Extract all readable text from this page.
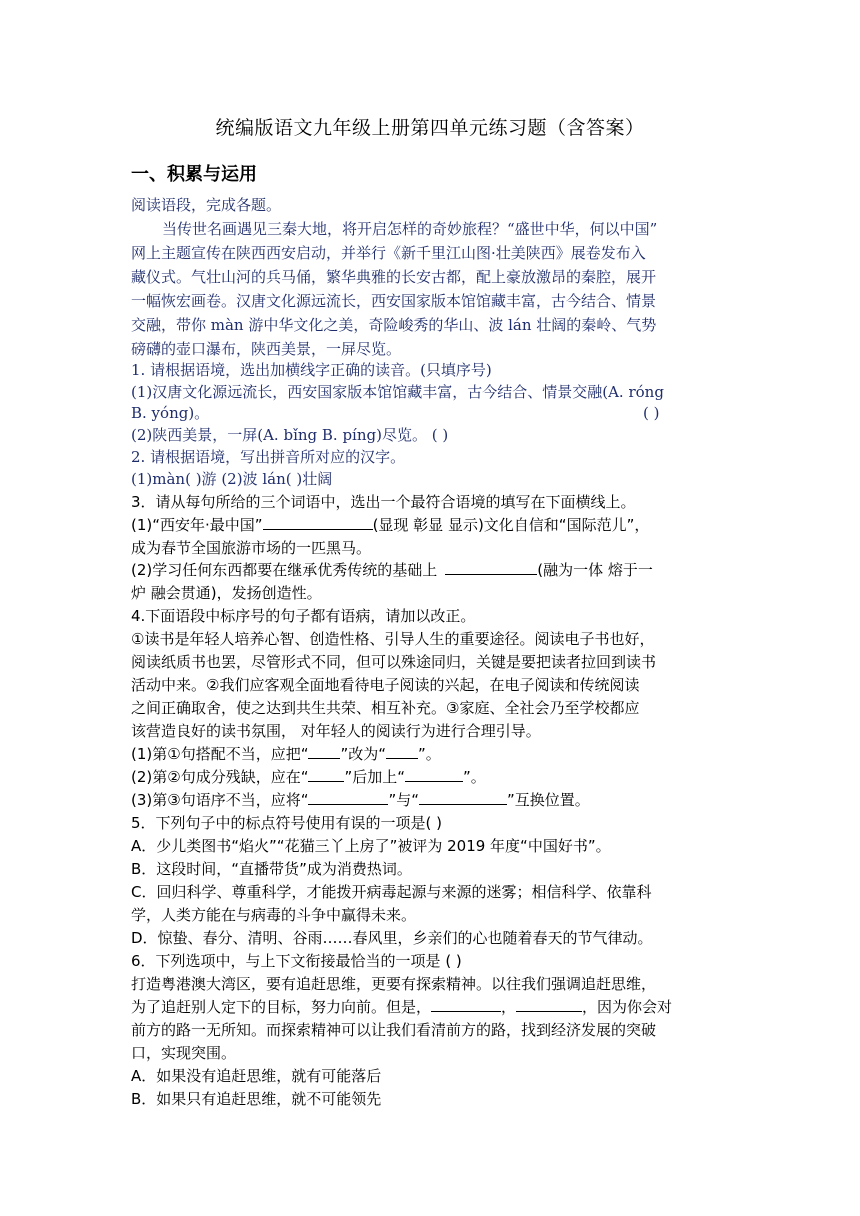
统编版语文九年级上册第四单元练习题（含答案）
一、积累与运用
阅读语段，完成各题。
当传世名画遇见三秦大地，将开启怎样的奇妙旅程？“盛世中华，何以中国”
网上主题宣传在陕西西安启动，并举行《新千里江山图·壮美陕西》展卷发布入
藏仪式。气壮山河的兵马俑，繁华典雅的长安古都，配上豪放激昂的秦腔，展开
一幅恢宏画卷。汉唐文化源远流长，西安国家版本馆馆藏丰富，古今结合、情景
交融，带你 màn 游中华文化之美，奇险峻秀的华山、波 lán 壮阔的秦岭、气势
磅礴的壶口瀑布，陕西美景，一屏尽览。
1. 请根据语境，选出加横线字正确的读音。(只填序号)
(1)汉唐文化源远流长，西安国家版本馆馆藏丰富，古今结合、情景交融(A. róng
B. yóng)。	( )
(2)陕西美景，一屏(A. bǐng B. píng)尽览。 ( )
2. 请根据语境，写出拼音所对应的汉字。
(1)màn( )游 (2)波 lán( )壮阔
3．请从每句所给的三个词语中，选出一个最符合语境的填写在下面横线上。
(1)“西安年·最中国”	(显现 彰显 显示)文化自信和“国际范儿”，
成为春节全国旅游市场的一匹黑马。
(2)学习任何东西都要在继承优秀传统的基础上	(融为一体 熔于一
炉 融会贯通)，发扬创造性。
4.下面语段中标序号的句子都有语病，请加以改正。
①读书是年轻人培养心智、创造性格、引导人生的重要途径。阅读电子书也好，
阅读纸质书也罢，尽管形式不同，但可以殊途同归，关键是要把读者拉回到读书
活动中来。②我们应客观全面地看待电子阅读的兴起，在电子阅读和传统阅读
之间正确取舍，使之达到共生共荣、相互补充。③家庭、全社会乃至学校都应
该营造良好的读书氛围， 对年轻人的阅读行为进行合理引导。
(1)第①句搭配不当，应把“ ”改为“ ”。
(2)第②句成分残缺，应在“ ”后加上“	”。
(3)第③句语序不当，应将“	”与“	”互换位置。
5．下列句子中的标点符号使用有误的一项是( )
A．少儿类图书“焰火”“花猫三丫上房了”被评为 2019 年度“中国好书”。
B．这段时间，“直播带货”成为消费热词。
C．回归科学、尊重科学，才能拨开病毒起源与来源的迷雾；相信科学、依靠科
学，人类方能在与病毒的斗争中赢得未来。
D．惊蛰、春分、清明、谷雨……春风里，乡亲们的心也随着春天的节气律动。
6．下列选项中，与上下文衔接最恰当的一项是 ( )
打造粤港澳大湾区，要有追赶思维，更要有探索精神。以往我们强调追赶思维，
为了追赶别人定下的目标，努力向前。但是，	，	，因为你会对
前方的路一无所知。而探索精神可以让我们看清前方的路，找到经济发展的突破
口，实现突围。
A．如果没有追赶思维，就有可能落后
B．如果只有追赶思维，就不可能领先
